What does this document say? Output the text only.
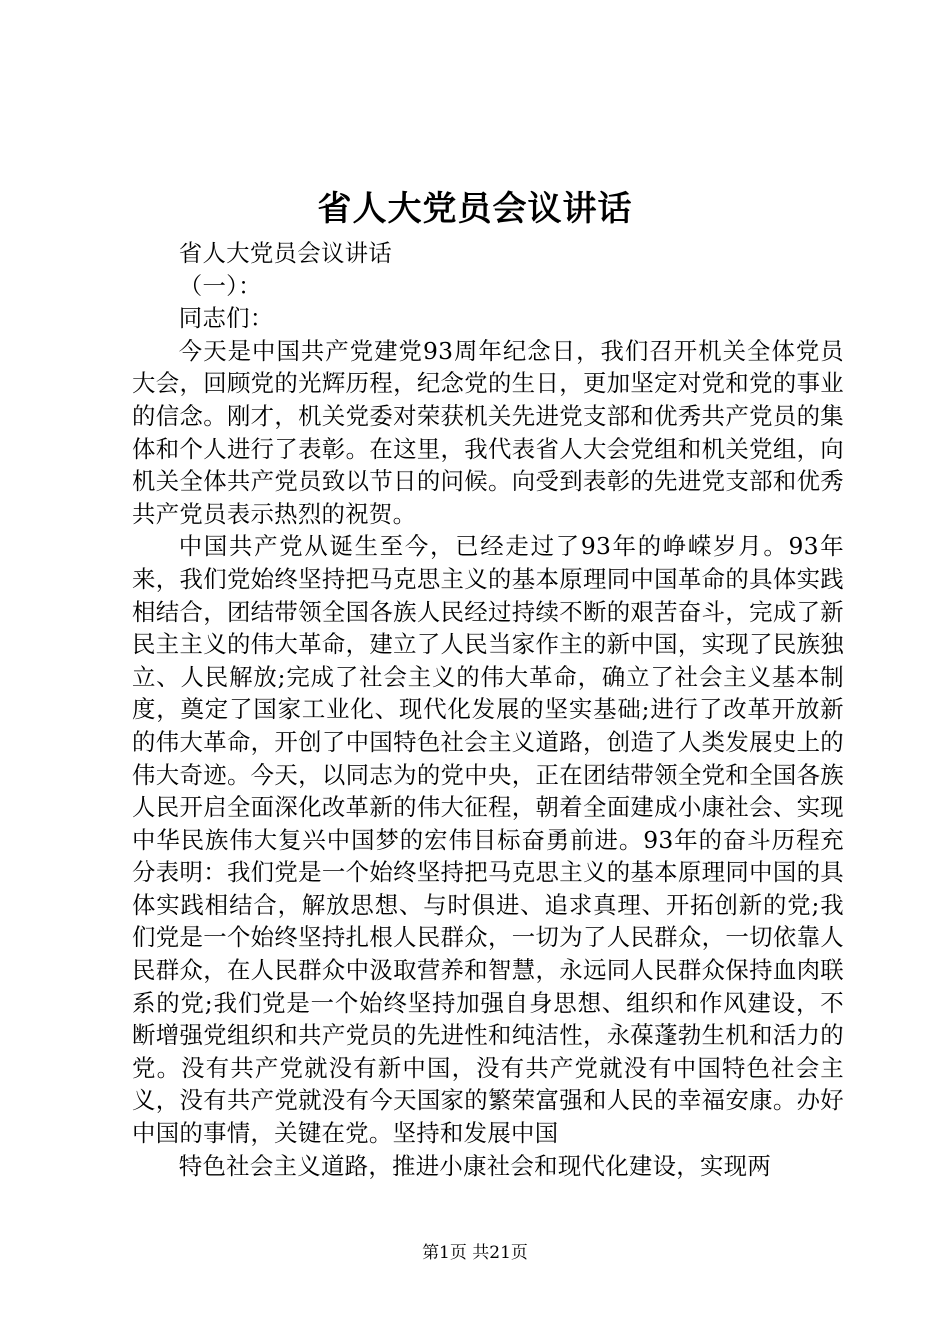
省人大党员会议讲话

省人大党员会议讲话

（一）：

同志们：

今天是中国共产党建党93周年纪念日，我们召开机关全体党员大会，回顾党的光辉历程，纪念党的生日，更加坚定对党和党的事业的信念。刚才，机关党委对荣获机关先进党支部和优秀共产党员的集体和个人进行了表彰。在这里，我代表省人大会党组和机关党组，向机关全体共产党员致以节日的问候。向受到表彰的先进党支部和优秀共产党员表示热烈的祝贺。

中国共产党从诞生至今，已经走过了93年的峥嵘岁月。93年来，我们党始终坚持把马克思主义的基本原理同中国革命的具体实践相结合，团结带领全国各族人民经过持续不断的艰苦奋斗，完成了新民主主义的伟大革命，建立了人民当家作主的新中国，实现了民族独立、人民解放;完成了社会主义的伟大革命，确立了社会主义基本制度，奠定了国家工业化、现代化发展的坚实基础;进行了改革开放新的伟大革命，开创了中国特色社会主义道路，创造了人类发展史上的伟大奇迹。今天，以同志为的党中央，正在团结带领全党和全国各族人民开启全面深化改革新的伟大征程，朝着全面建成小康社会、实现中华民族伟大复兴中国梦的宏伟目标奋勇前进。93年的奋斗历程充分表明：我们党是一个始终坚持把马克思主义的基本原理同中国的具体实践相结合，解放思想、与时俱进、追求真理、开拓创新的党;我们党是一个始终坚持扎根人民群众，一切为了人民群众，一切依靠人民群众，在人民群众中汲取营养和智慧，永远同人民群众保持血肉联系的党;我们党是一个始终坚持加强自身思想、组织和作风建设，不断增强党组织和共产党员的先进性和纯洁性，永葆蓬勃生机和活力的党。没有共产党就没有新中国，没有共产党就没有中国特色社会主义，没有共产党就没有今天国家的繁荣富强和人民的幸福安康。办好中国的事情，关键在党。坚持和发展中国

特色社会主义道路，推进小康社会和现代化建设，实现两

第1页 共21页
